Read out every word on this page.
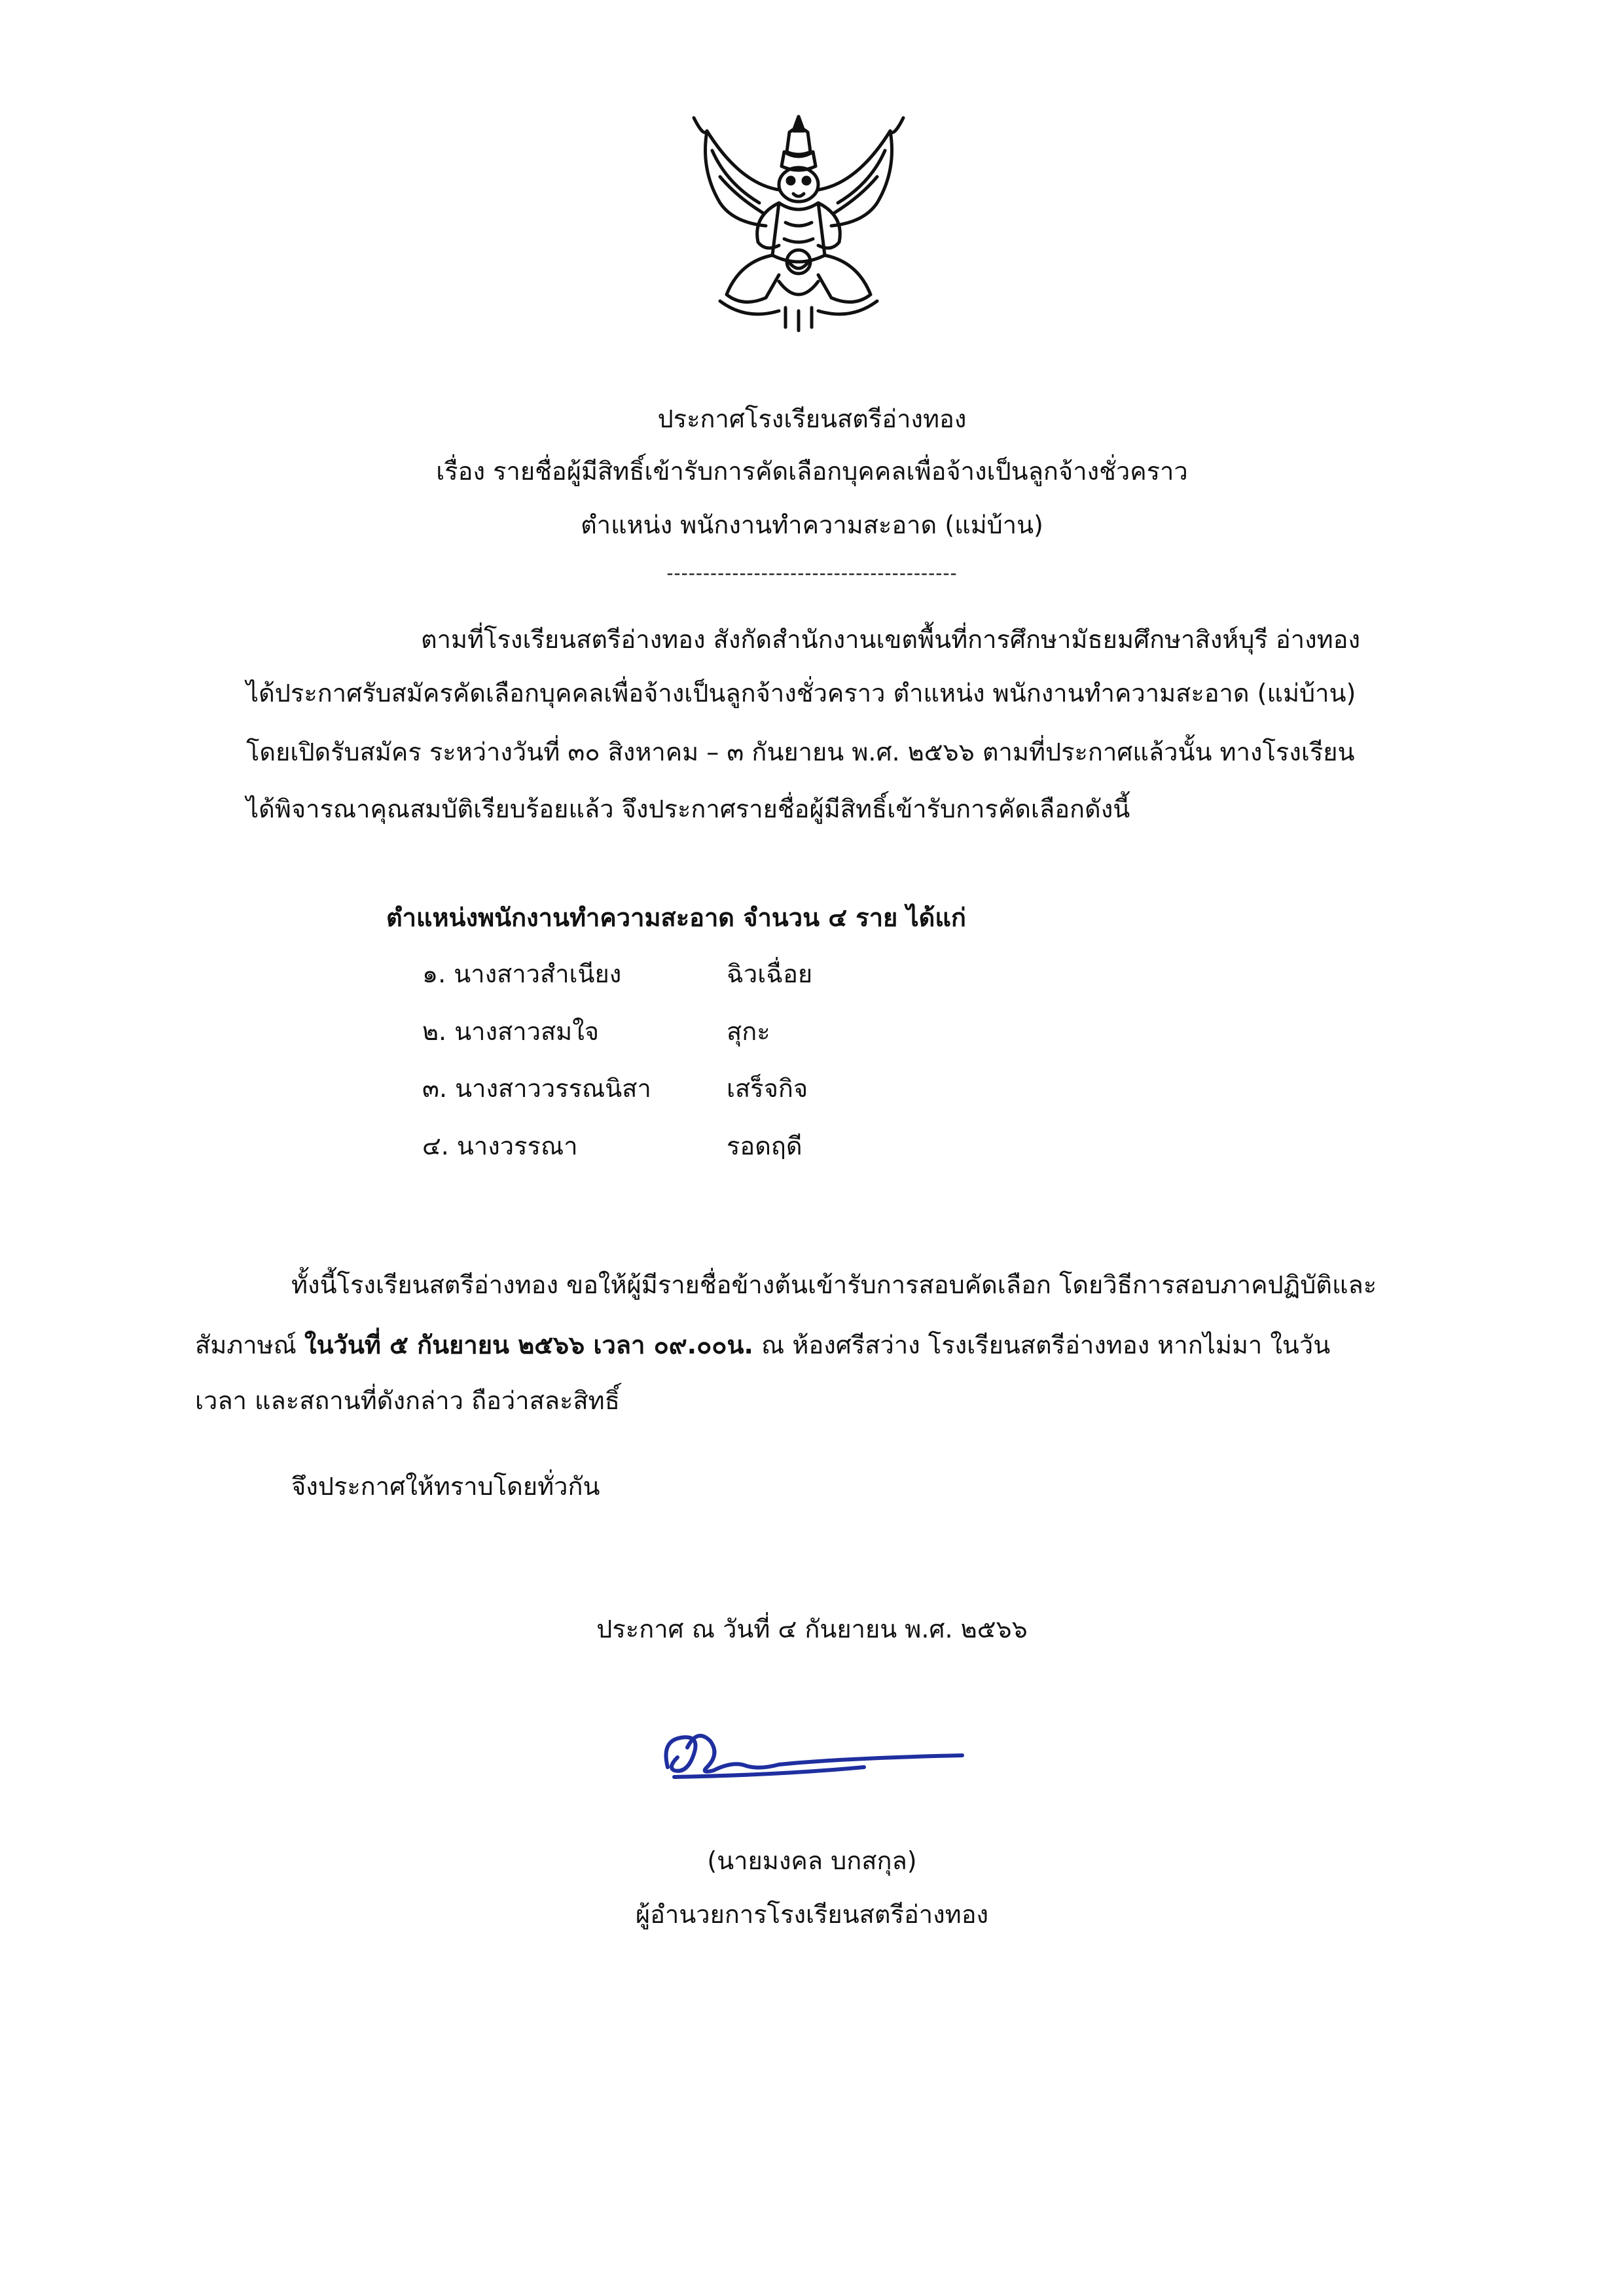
ประกาศโรงเรียนสตรีอ่างทอง
เรื่อง รายชื่อผู้มีสิทธิ์เข้ารับการคัดเลือกบุคคลเพื่อจ้างเป็นลูกจ้างชั่วคราว
ตำแหน่ง พนักงานทำความสะอาด (แม่บ้าน)
----------------------------------------
ตามที่โรงเรียนสตรีอ่างทอง สังกัดสำนักงานเขตพื้นที่การศึกษามัธยมศึกษาสิงห์บุรี อ่างทอง
ได้ประกาศรับสมัครคัดเลือกบุคคลเพื่อจ้างเป็นลูกจ้างชั่วคราว ตำแหน่ง พนักงานทำความสะอาด (แม่บ้าน)
โดยเปิดรับสมัคร ระหว่างวันที่ ๓๐ สิงหาคม – ๓ กันยายน พ.ศ. ๒๕๖๖ ตามที่ประกาศแล้วนั้น ทางโรงเรียน
ได้พิจารณาคุณสมบัติเรียบร้อยแล้ว จึงประกาศรายชื่อผู้มีสิทธิ์เข้ารับการคัดเลือกดังนี้
ตำแหน่งพนักงานทำความสะอาด จำนวน ๔ ราย ได้แก่
๑. นางสาวสำเนียง	ฉิวเฉื่อย
๒. นางสาวสมใจ	สุกะ
๓. นางสาววรรณนิสา	เสร็จกิจ
๔. นางวรรณา	รอดฤดี
ทั้งนี้โรงเรียนสตรีอ่างทอง ขอให้ผู้มีรายชื่อข้างต้นเข้ารับการสอบคัดเลือก โดยวิธีการสอบภาคปฏิบัติและ
สัมภาษณ์ ในวันที่ ๕ กันยายน ๒๕๖๖ เวลา ๐๙.๐๐น. ณ ห้องศรีสว่าง โรงเรียนสตรีอ่างทอง หากไม่มา ในวัน
เวลา และสถานที่ดังกล่าว ถือว่าสละสิทธิ์
จึงประกาศให้ทราบโดยทั่วกัน
ประกาศ ณ วันที่ ๔ กันยายน พ.ศ. ๒๕๖๖
(นายมงคล บกสกุล)
ผู้อำนวยการโรงเรียนสตรีอ่างทอง
